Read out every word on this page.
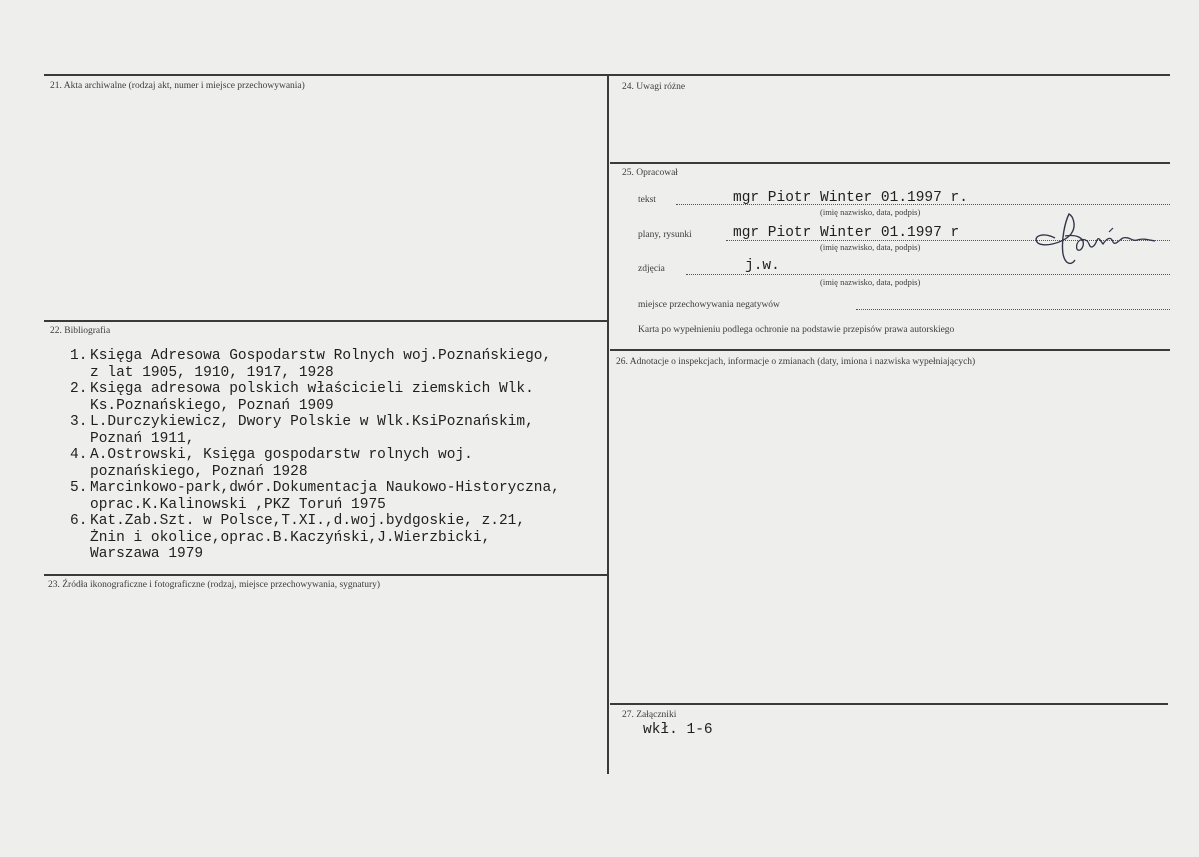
21. Akta archiwalne (rodzaj akt, numer i miejsce przechowywania)	24. Uwagi różne
25. Opracował
tekst	mgr Piotr Winter 01.1997 r.
(imię nazwisko, data, podpis)
plany, rysunki	mgr Piotr Winter 01.1997 r
(imię nazwisko, data, podpis)
zdjęcia	j.w.
(imię nazwisko, data, podpis)
miejsce przechowywania negatywów
Karta po wypełnieniu podlega ochronie na podstawie przepisów prawa autorskiego
22. Bibliografia
1. Księga Adresowa Gospodarstw Rolnych woj.Poznańskiego,
z lat 1905, 1910, 1917, 1928
2. Księga adresowa polskich właścicieli ziemskich Wlk.
Ks.Poznańskiego, Poznań 1909
3. L.Durczykiewicz, Dwory Polskie w Wlk.KsiPoznańskim,
Poznań 1911,
4. A.Ostrowski, Księga gospodarstw rolnych woj.
poznańskiego, Poznań 1928
5. Marcinkowo-park,dwór.Dokumentacja Naukowo-Historyczna,
oprac.K.Kalinowski ,PKZ Toruń 1975
6. Kat.Zab.Szt. w Polsce,T.XI.,d.woj.bydgoskie, z.21,
Żnin i okolice,oprac.B.Kaczyński,J.Wierzbicki,
Warszawa 1979
26. Adnotacje o inspekcjach, informacje o zmianach (daty, imiona i nazwiska wypełniających)
23. Źródła ikonograficzne i fotograficzne (rodzaj, miejsce przechowywania, sygnatury)
27. Załączniki
wkł. 1-6
